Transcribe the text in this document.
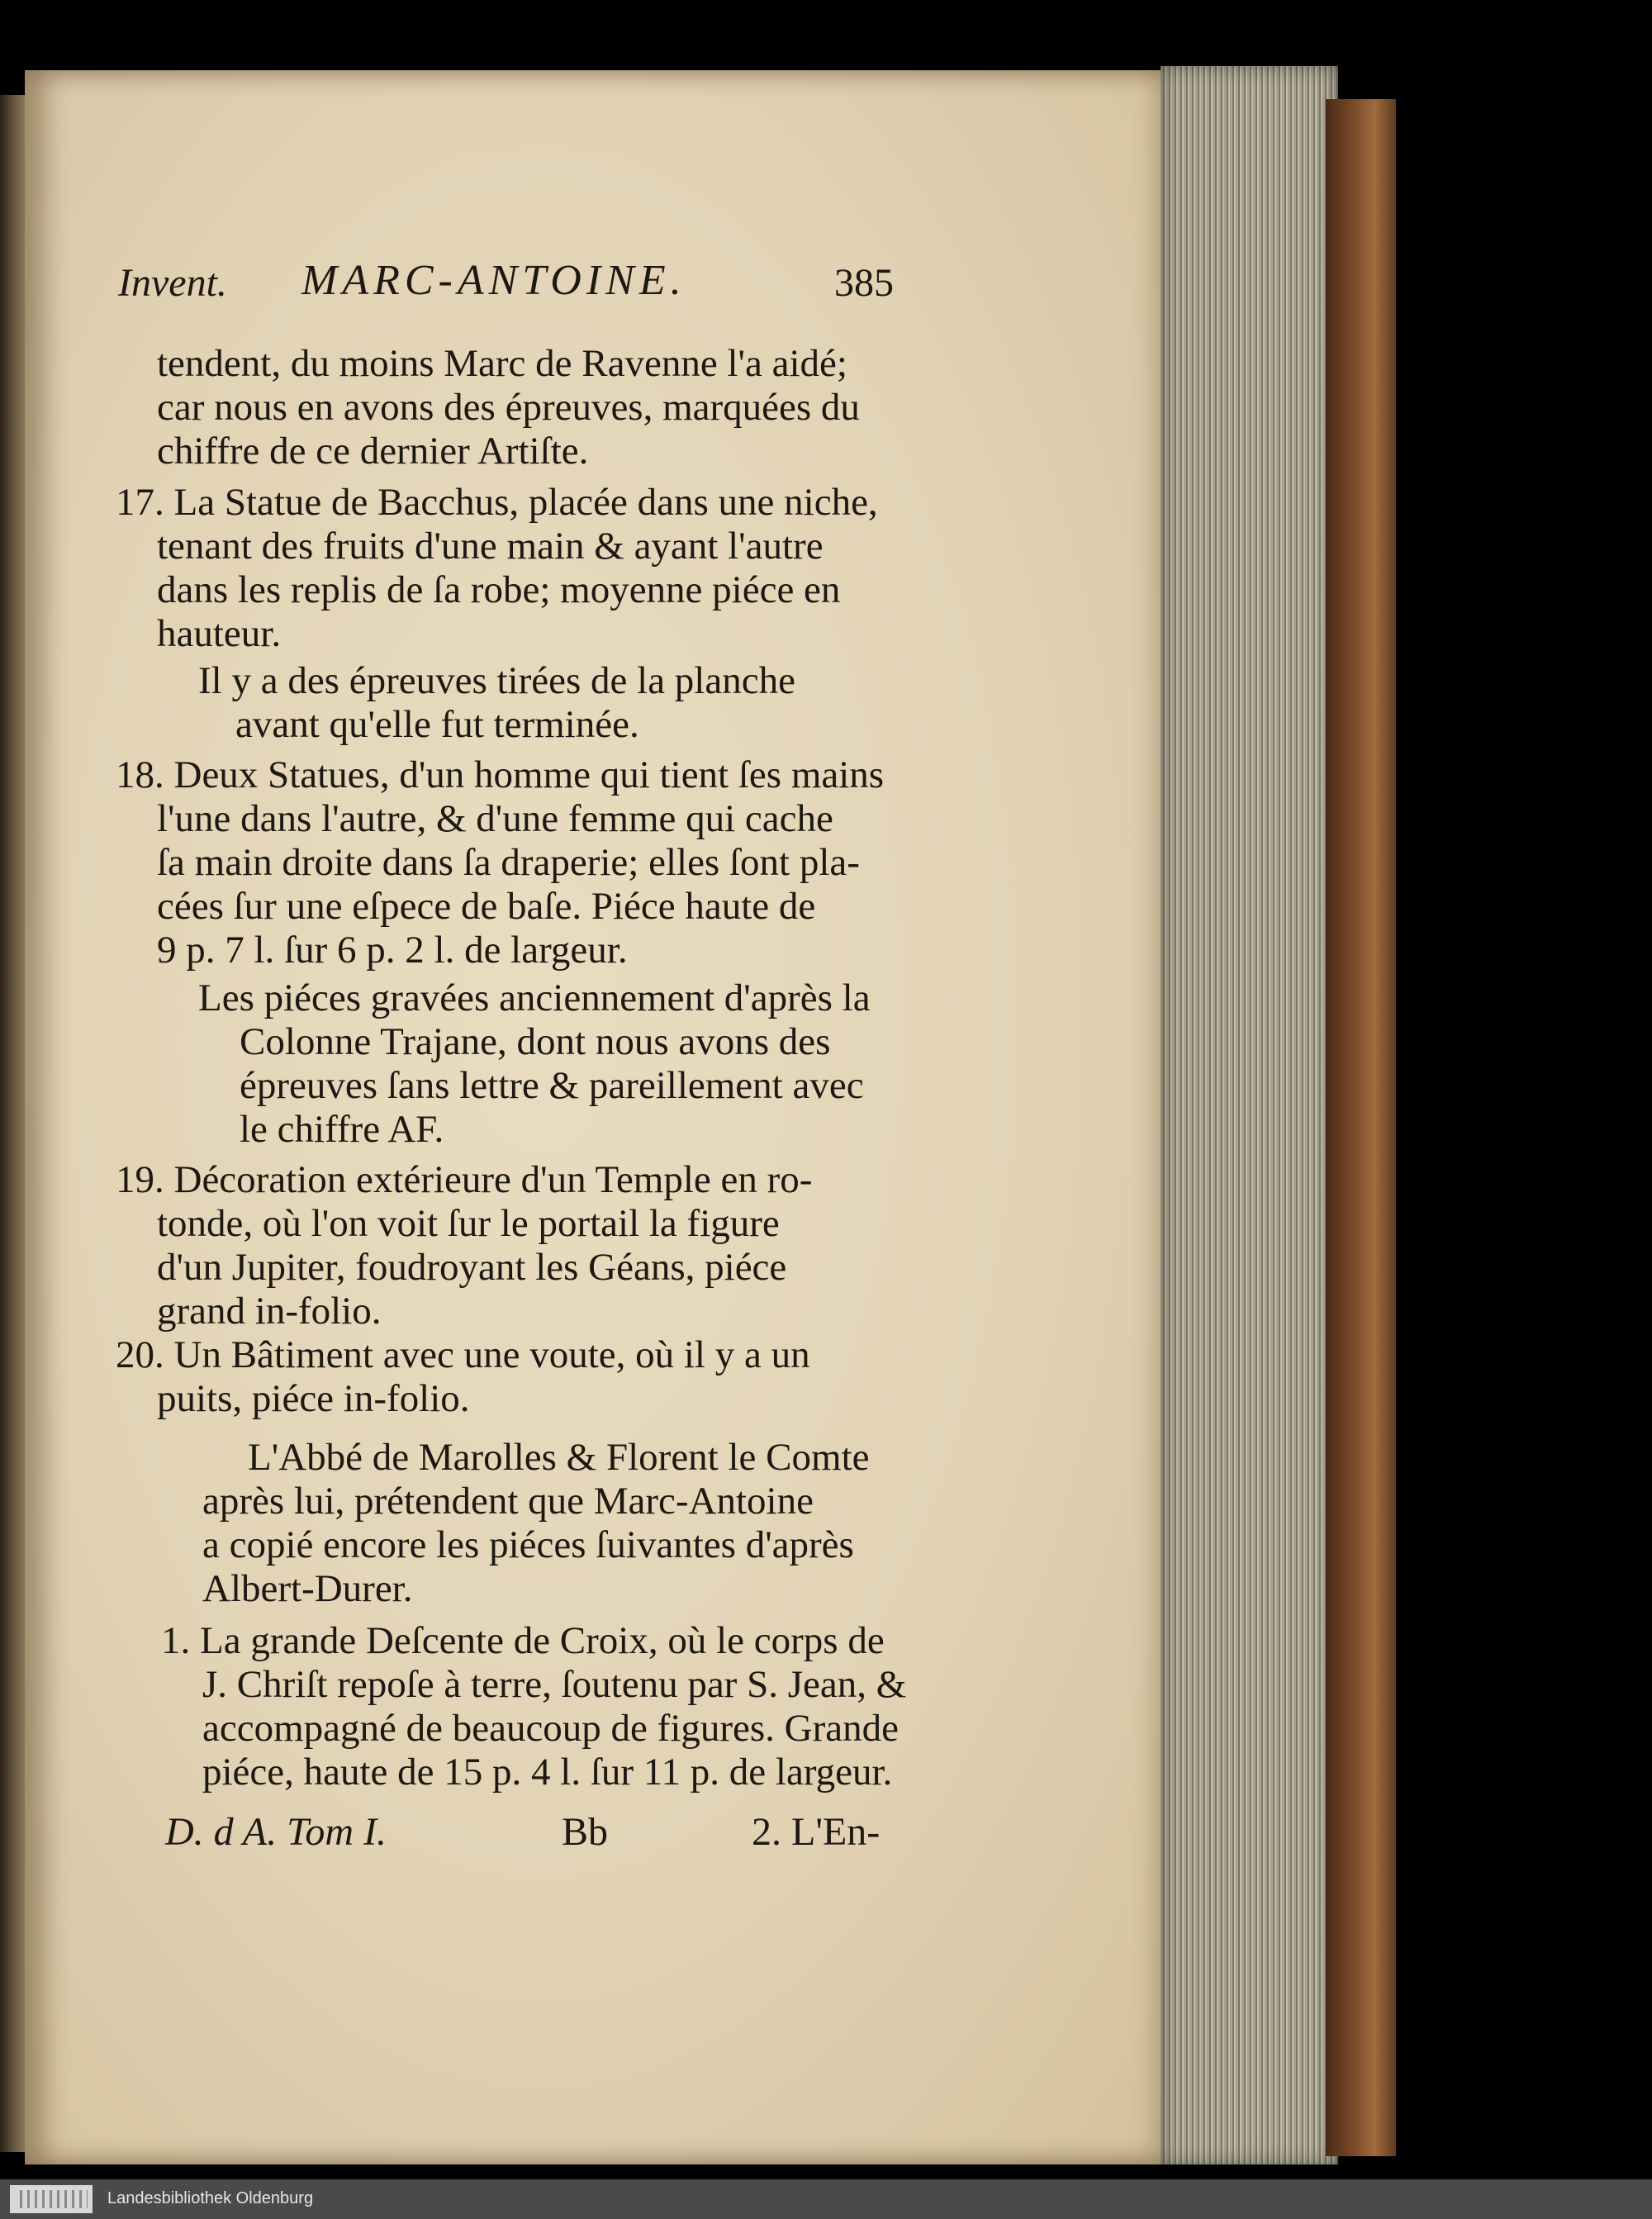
Invent. MARC-ANTOINE.	385
tendent, du moins Marc de Ravenne l'a aidé;
car nous en avons des épreuves, marquées du
chiffre de ce dernier Artiſte.
17. La Statue de Bacchus, placée dans une niche,
tenant des fruits d'une main & ayant l'autre
dans les replis de ſa robe; moyenne piéce en
hauteur.
Il y a des épreuves tirées de la planche
avant qu'elle fut terminée.
18. Deux Statues, d'un homme qui tient ſes mains
l'une dans l'autre, & d'une femme qui cache
ſa main droite dans ſa draperie; elles ſont pla-
cées ſur une eſpece de baſe. Piéce haute de
9 p. 7 l. ſur 6 p. 2 l. de largeur.
Les piéces gravées anciennement d'après la
Colonne Trajane, dont nous avons des
épreuves ſans lettre & pareillement avec
le chiffre AF.
19. Décoration extérieure d'un Temple en ro-
tonde, où l'on voit ſur le portail la figure
d'un Jupiter, foudroyant les Géans, piéce
grand in-folio.
20. Un Bâtiment avec une voute, où il y a un
puits, piéce in-folio.
L'Abbé de Marolles & Florent le Comte
après lui, prétendent que Marc-Antoine
a copié encore les piéces ſuivantes d'après
Albert-Durer.
1. La grande Deſcente de Croix, où le corps de
J. Chriſt repoſe à terre, ſoutenu par S. Jean, &
accompagné de beaucoup de figures. Grande
piéce, haute de 15 p. 4 l. ſur 11 p. de largeur.
D. d A. Tom I.	Bb	2. L'En-
Landesbibliothek Oldenburg
